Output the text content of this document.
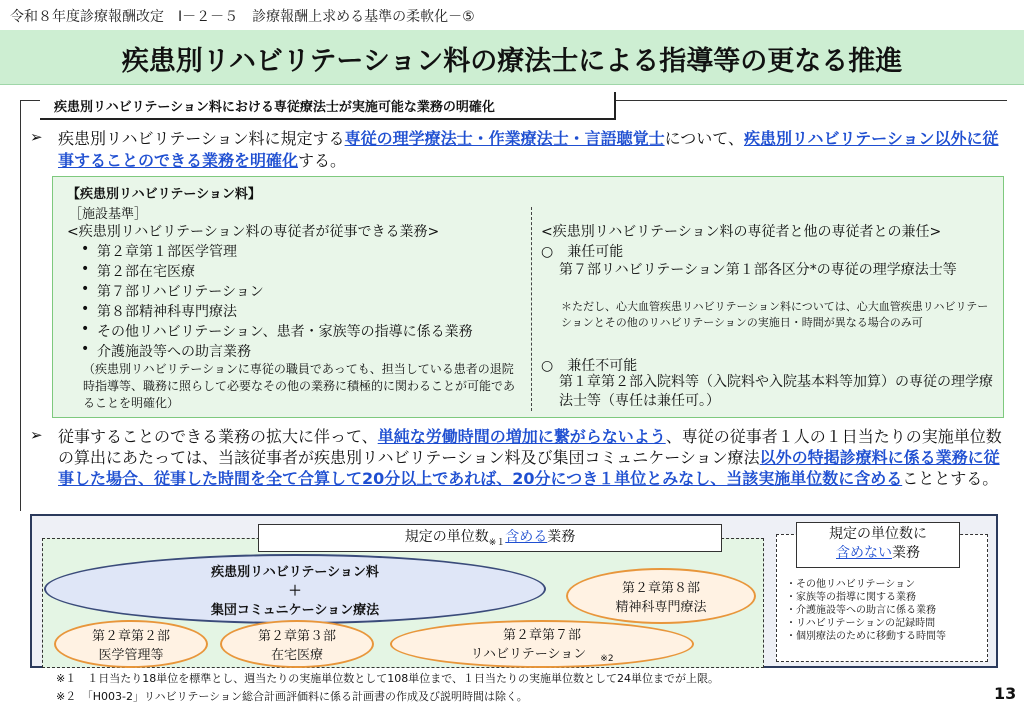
令和８年度診療報酬改定　Ⅰ－２－５　診療報酬上求める基準の柔軟化－⑤
疾患別リハビリテーション料の療法士による指導等の更なる推進
疾患別リハビリテーション料における専従療法士が実施可能な業務の明確化
➢ 疾患別リハビリテーション料に規定する専従の理学療法士・作業療法士・言語聴覚士について、疾患別リハビリテーション以外に従事することのできる業務を明確化する。
【疾患別リハビリテーション料】
［施設基準］
<疾患別リハビリテーション料の専従者が従事できる業務>
• 第２章第１部医学管理
• 第２部在宅医療
• 第７部リハビリテーション
• 第８部精神科専門療法
• その他リハビリテーション、患者・家族等の指導に係る業務
• 介護施設等への助言業務
（疾患別リハビリテーションに専従の職員であっても、担当している患者の退院時指導等、職務に照らして必要なその他の業務に積極的に関わることが可能であることを明確化）
<疾患別リハビリテーション料の専従者と他の専従者との兼任>
○　兼任可能
第７部リハビリテーション第１部各区分*の専従の理学療法士等
＊ただし、心大血管疾患リハビリテーション料については、心大血管疾患リハビリテーションとその他のリハビリテーションの実施日・時間が異なる場合のみ可
○　兼任不可能
第１章第２部入院料等（入院料や入院基本料等加算）の専従の理学療法士等（専任は兼任可。）
➢ 従事することのできる業務の拡大に伴って、単純な労働時間の増加に繋がらないよう、専従の従事者１人の１日当たりの実施単位数の算出にあたっては、当該従事者が疾患別リハビリテーション料及び集団コミュニケーション療法以外の特掲診療料に係る業務に従事した場合、従事した時間を全て合算して20分以上であれば、20分につき１単位とみなし、当該実施単位数に含めることとする。
規定の単位数$_{※1}$含める業務
疾患別リハビリテーション料
＋
集団コミュニケーション療法
第２章第２部
医学管理等
第２章第３部
在宅医療
第２章第７部
リハビリテーション $_{※2}$
第２章第８部
精神科専門療法
規定の単位数に
含めない業務
・その他リハビリテーション
・家族等の指導に関する業務
・介護施設等への助言に係る業務
・リハビリテーションの記録時間
・個別療法のために移動する時間等
※１　１日当たり18単位を標準とし、週当たりの実施単位数として108単位まで、１日当たりの実施単位数として24単位までが上限。
※２　「H003-2」リハビリテーション総合計画評価料に係る計画書の作成及び説明時間は除く。	13
